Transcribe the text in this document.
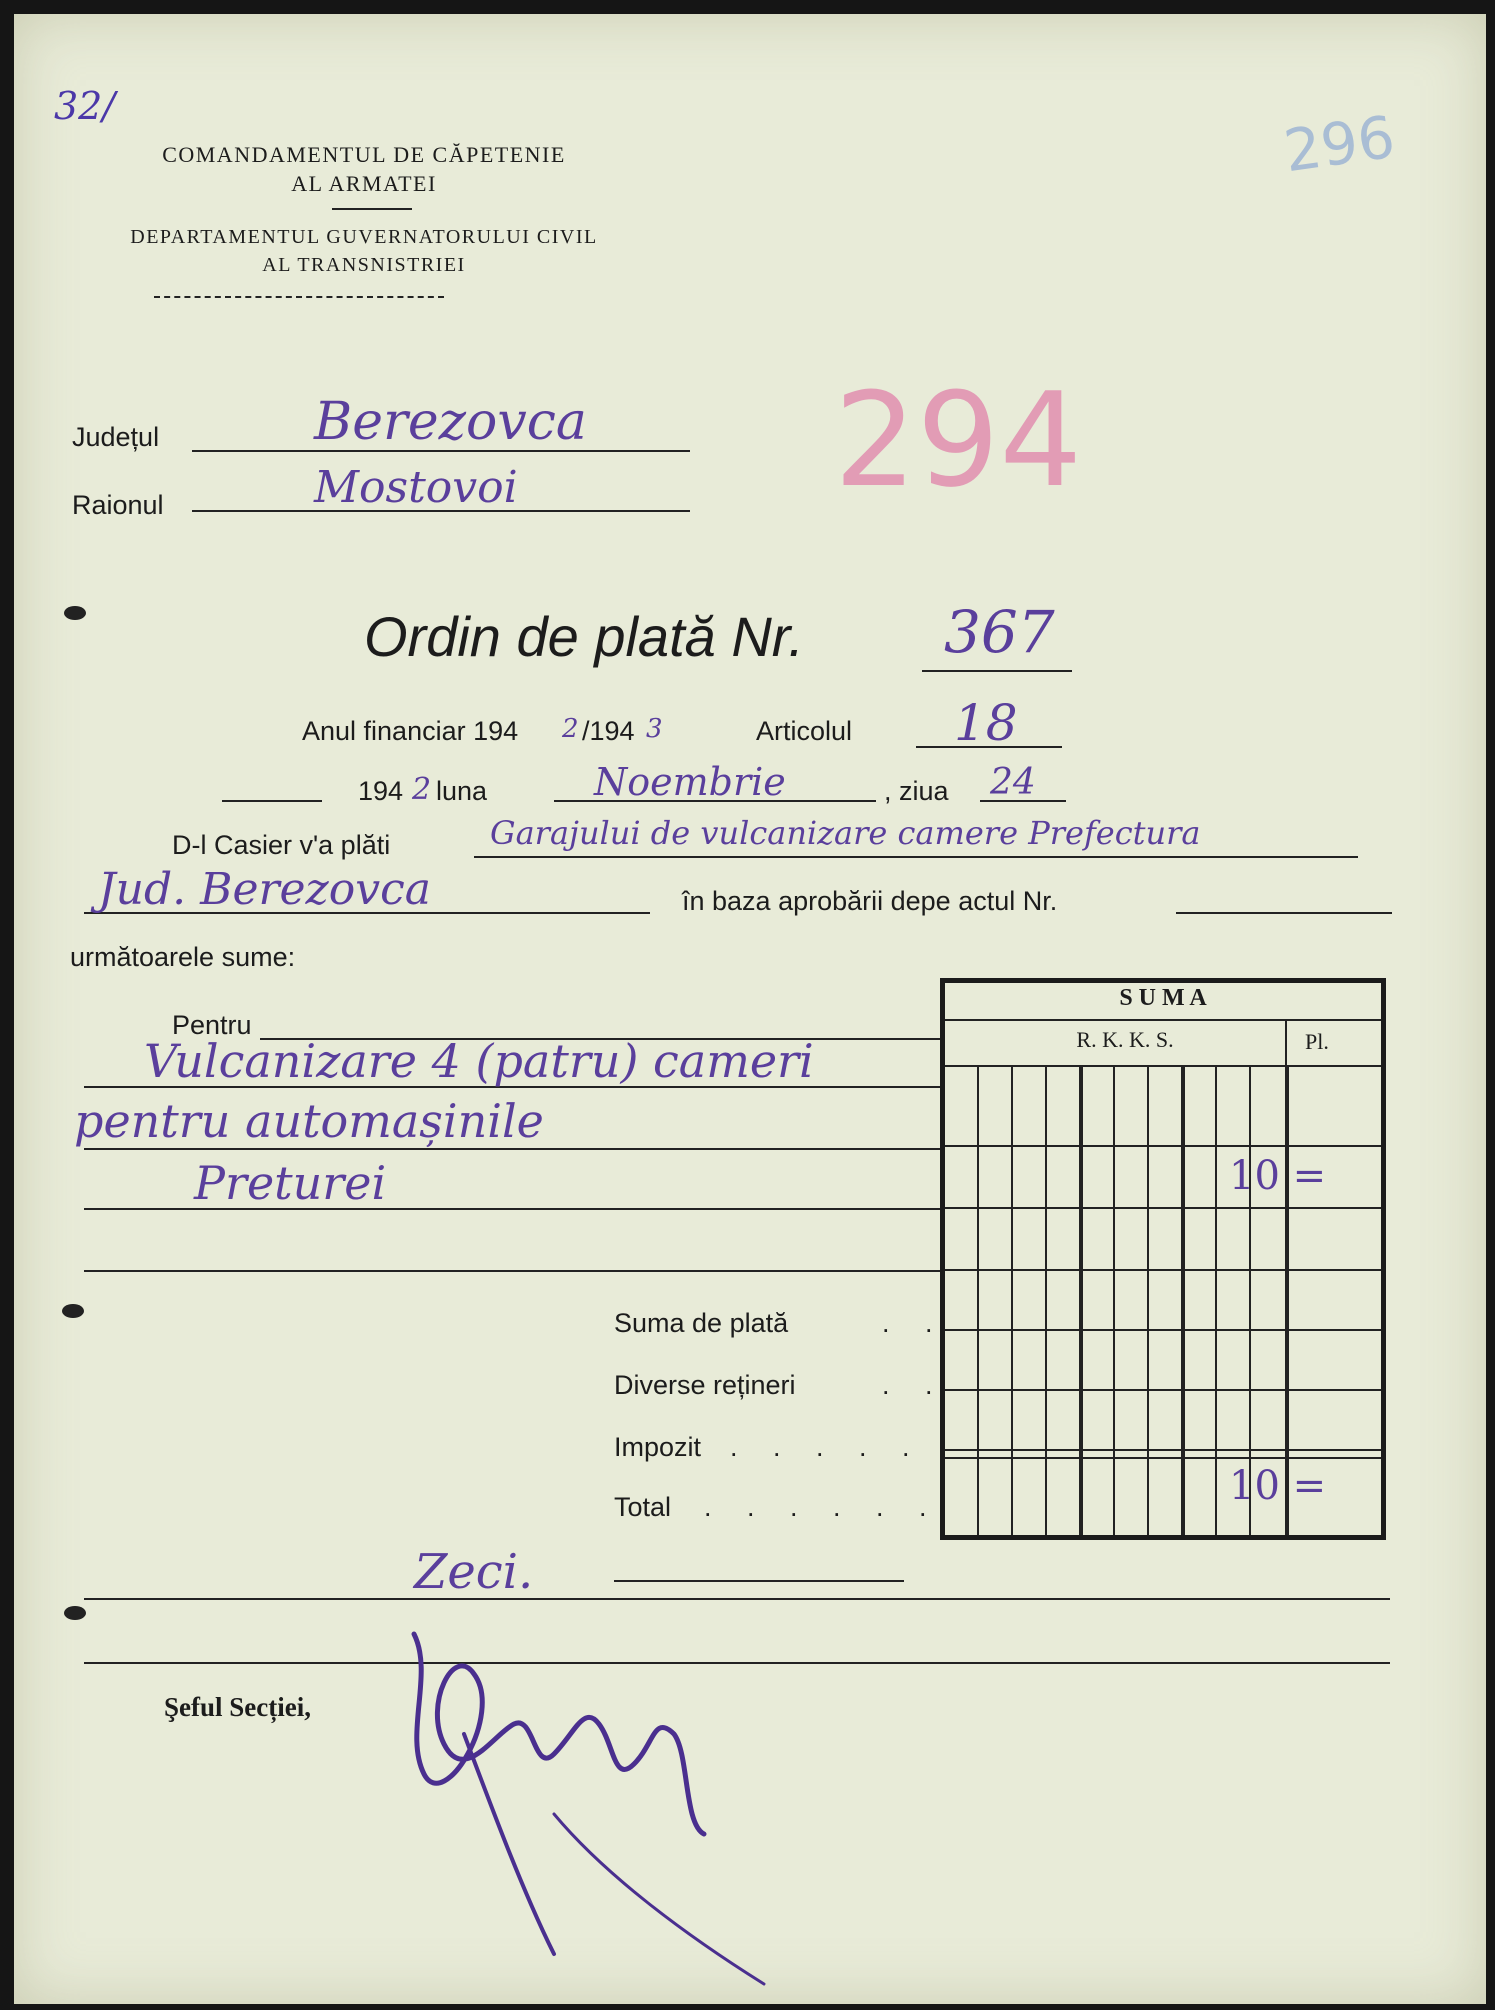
32/	296
COMANDAMENTUL DE CĂPETENIE
AL ARMATEI
DEPARTAMENTUL GUVERNATORULUI CIVIL
AL TRANSNISTRIEI
294
Județul	Berezovca
Raionul	Mostovoi
Ordin de plată Nr. 367
Anul financiar 194 2 /194 3	Articolul 18
194 2 luna	Noembrie	, ziua 24
D-l Casier v'a plăti	Garajului de vulcanizare camere Prefectura
Jud. Berezovca	în baza aprobării depe actul Nr.
următoarele sume:
Pentru
Vulcanizare 4 (patru) cameri
pentru automașinile
Preturei
S U M A
R. K. K. S.	Pl.
10 =
10 =
Suma de plată	. .
Diverse rețineri	. .
Impozit . . . . .
Total . . . . . .
Zeci.
Şeful Secției,
